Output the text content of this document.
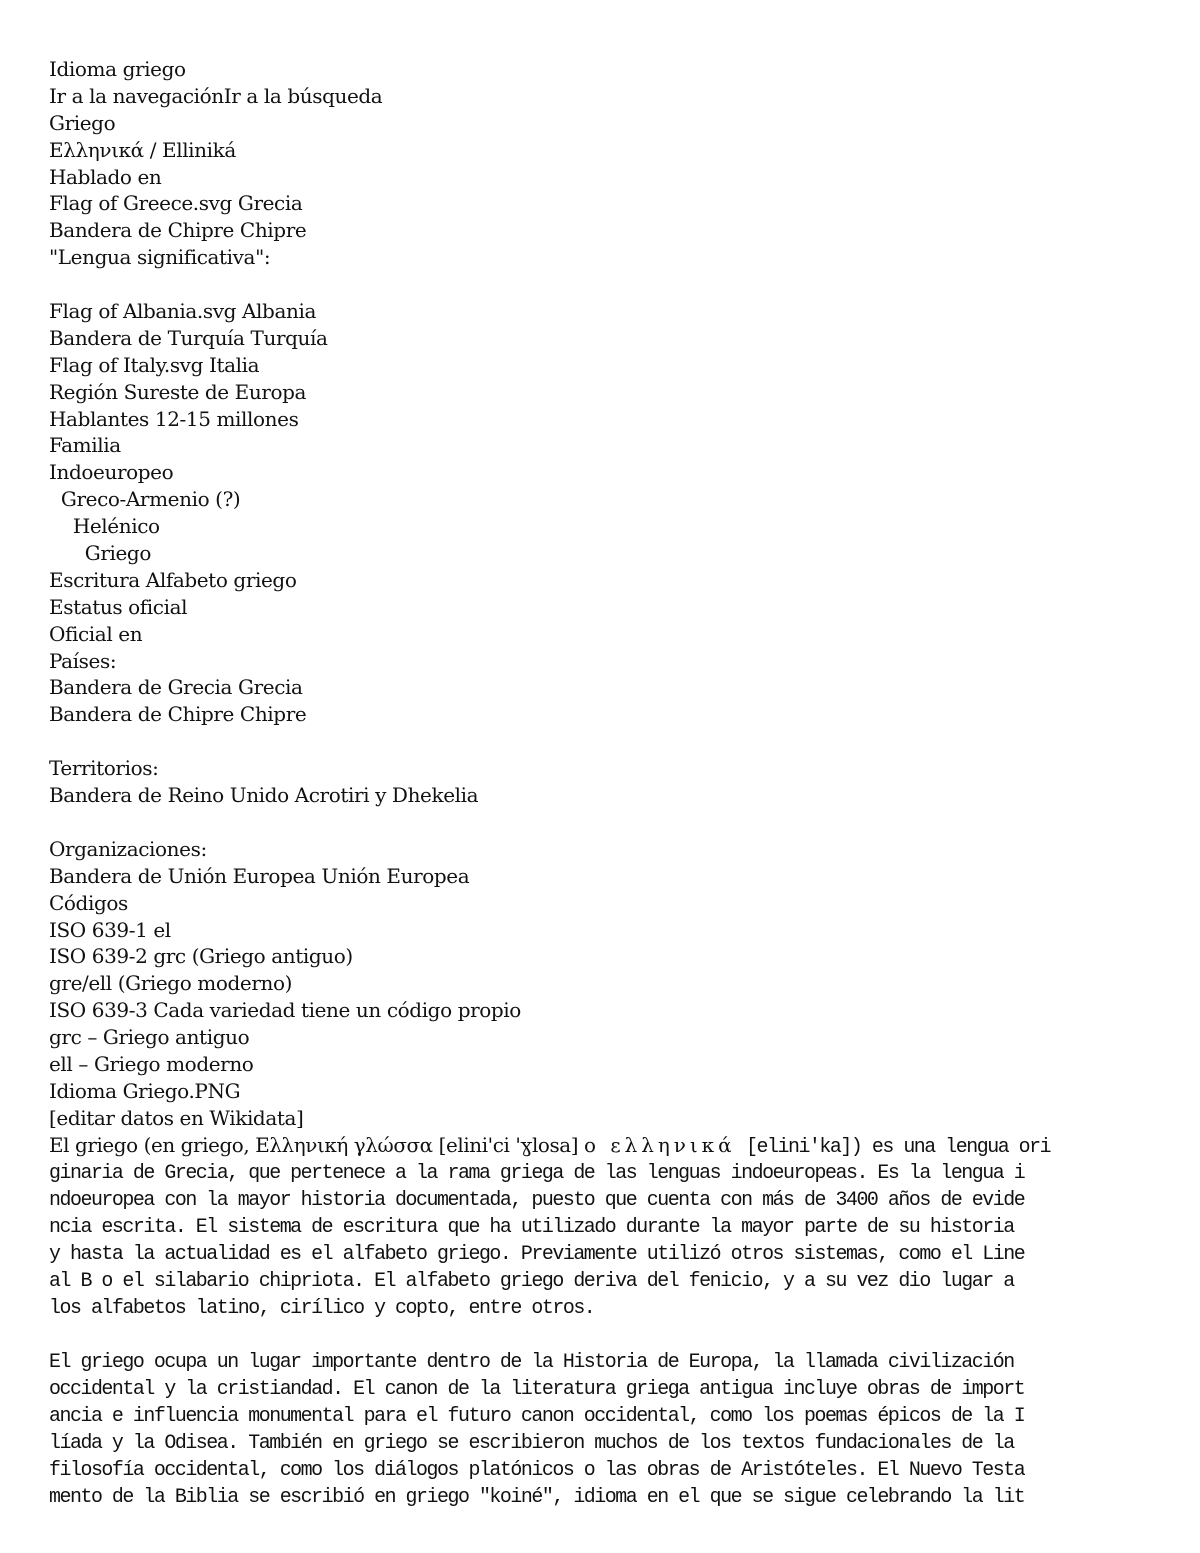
Idioma griego
Ir a la navegaciónIr a la búsqueda
Griego
Ελληνικά / Elliniká
Hablado en
Flag of Greece.svg Grecia
Bandera de Chipre Chipre
"Lengua significativa":
Flag of Albania.svg Albania
Bandera de Turquía Turquía
Flag of Italy.svg Italia
Región Sureste de Europa
Hablantes 12-15 millones
Familia
Indoeuropeo
Greco-Armenio (?)
Helénico
Griego
Escritura Alfabeto griego
Estatus oficial
Oficial en
Países:
Bandera de Grecia Grecia
Bandera de Chipre Chipre
Territorios:
Bandera de Reino Unido Acrotiri y Dhekelia
Organizaciones:
Bandera de Unión Europea Unión Europea
Códigos
ISO 639-1 el
ISO 639-2 grc (Griego antiguo)
gre/ell (Griego moderno)
ISO 639-3 Cada variedad tiene un código propio
grc – Griego antiguo
ell – Griego moderno
Idioma Griego.PNG
[editar datos en Wikidata]
El griego (en griego, Ελληνική γλώσσα [elini'ci 'ɣlosa] o ελληνικά [elini'ka]) es una lengua ori
ginaria de Grecia, que pertenece a la rama griega de las lenguas indoeuropeas. Es la lengua i
ndoeuropea con la mayor historia documentada, puesto que cuenta con más de 3400 años de evide
ncia escrita. El sistema de escritura que ha utilizado durante la mayor parte de su historia
y hasta la actualidad es el alfabeto griego. Previamente utilizó otros sistemas, como el Line
al B o el silabario chipriota. El alfabeto griego deriva del fenicio, y a su vez dio lugar a
los alfabetos latino, cirílico y copto, entre otros.
El griego ocupa un lugar importante dentro de la Historia de Europa, la llamada civilización
occidental y la cristiandad. El canon de la literatura griega antigua incluye obras de import
ancia e influencia monumental para el futuro canon occidental, como los poemas épicos de la I
líada y la Odisea. También en griego se escribieron muchos de los textos fundacionales de la
filosofía occidental, como los diálogos platónicos o las obras de Aristóteles. El Nuevo Testa
mento de la Biblia se escribió en griego "koiné", idioma en el que se sigue celebrando la lit
